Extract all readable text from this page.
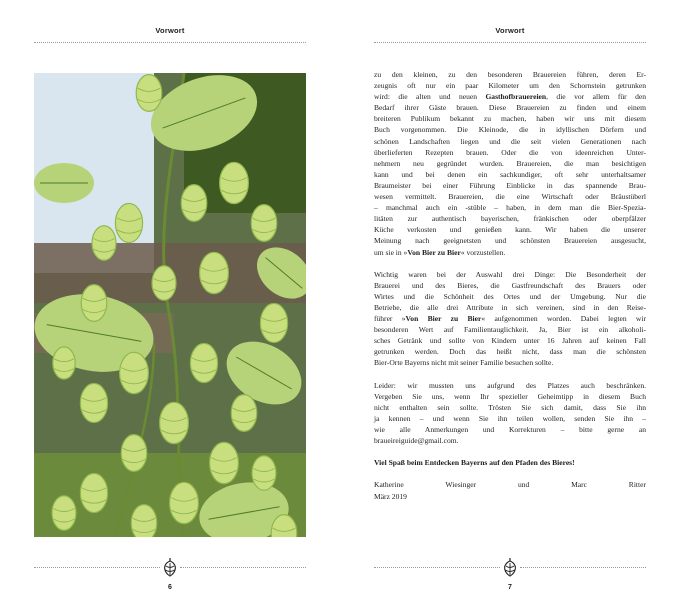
Vorwort
6
Vorwort

zu den kleinen, zu den besonderen Brauereien führen, deren Er-
zeugnis oft nur ein paar Kilometer um den Schornstein getrunken
wird: die alten und neuen Gasthofbrauereien, die vor allem für den
Bedarf ihrer Gäste brauen. Diese Brauereien zu finden und einem
breiteren Publikum bekannt zu machen, haben wir uns mit diesem
Buch vorgenommen. Die Kleinode, die in idyllischen Dörfern und
schönen Landschaften liegen und die seit vielen Generationen nach
überlieferten Rezepten brauen. Oder die von ideenreichen Unter-
nehmern neu gegründet wurden. Brauereien, die man besichtigen
kann und bei denen ein sachkundiger, oft sehr unterhaltsamer
Braumeister bei einer Führung Einblicke in das spannende Brau-
wesen vermittelt. Brauereien, die eine Wirtschaft oder Bräustüberl
– manchmal auch ein -stüble – haben, in dem man die Bier-Spezia-
litäten zur authentisch bayerischen, fränkischen oder oberpfälzer
Küche verkosten und genießen kann. Wir haben die unserer
Meinung nach geeignetsten und schönsten Brauereien ausgesucht,
um sie in »Von Bier zu Bier« vorzustellen.

Wichtig waren bei der Auswahl drei Dinge: Die Besonderheit der
Brauerei und des Bieres, die Gastfreundschaft des Brauers oder
Wirtes und die Schönheit des Ortes und der Umgebung. Nur die
Betriebe, die alle drei Attribute in sich vereinen, sind in den Reise-
führer »Von Bier zu Bier« aufgenommen worden. Dabei legten wir
besonderen Wert auf Familientauglichkeit. Ja, Bier ist ein alkoholi-
sches Getränk und sollte von Kindern unter 16 Jahren auf keinen Fall
getrunken werden. Doch das heißt nicht, dass man die schönsten
Bier-Orte Bayerns nicht mit seiner Familie besuchen sollte.

Leider: wir mussten uns aufgrund des Platzes auch beschränken.
Vergeben Sie uns, wenn Ihr spezieller Geheimtipp in diesem Buch
nicht enthalten sein sollte. Trösten Sie sich damit, dass Sie ihn
ja kennen – und wenn Sie ihn teilen wollen, senden Sie ihn –
wie alle Anmerkungen und Korrekturen – bitte gerne an
braueireiguide@gmail.com.

Viel Spaß beim Entdecken Bayerns auf den Pfaden des Bieres!

Katherine Wiesinger und Marc Ritter
März 2019

7
